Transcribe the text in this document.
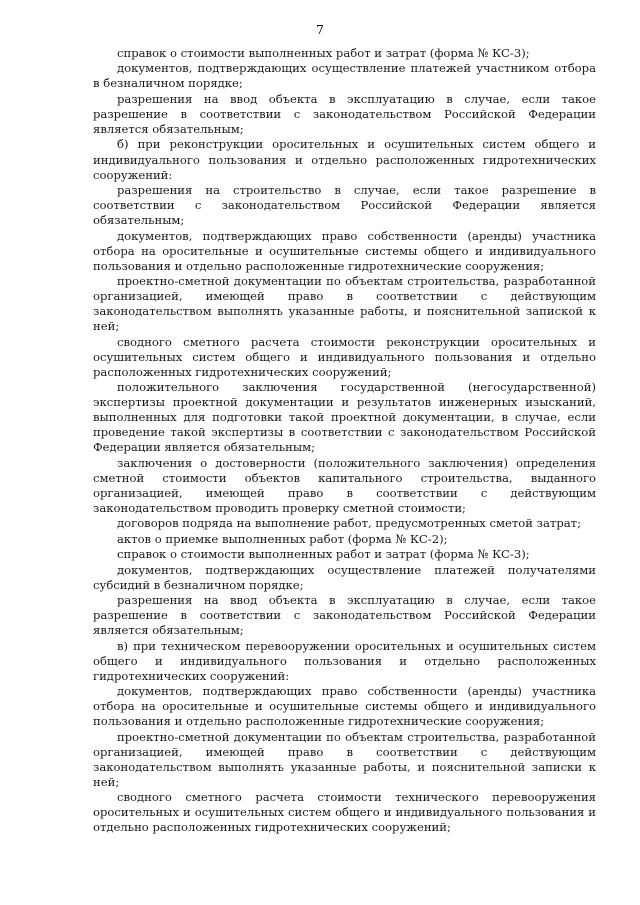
7

справок о стоимости выполненных работ и затрат (форма № КС-3);

документов, подтверждающих осуществление платежей участником отбора в безналичном порядке;

разрешения на ввод объекта в эксплуатацию в случае, если такое разрешение в соответствии с законодательством Российской Федерации является обязательным;

б) при реконструкции оросительных и осушительных систем общего и индивидуального пользования и отдельно расположенных гидротехнических сооружений:

разрешения на строительство в случае, если такое разрешение в соответствии с законодательством Российской Федерации является обязательным;

документов, подтверждающих право собственности (аренды) участника отбора на оросительные и осушительные системы общего и индивидуального пользования и отдельно расположенные гидротехнические сооружения;

проектно-сметной документации по объектам строительства, разработанной организацией, имеющей право в соответствии с действующим законодательством выполнять указанные работы, и пояснительной запиской к ней;

сводного сметного расчета стоимости реконструкции оросительных и осушительных систем общего и индивидуального пользования и отдельно расположенных гидротехнических сооружений;

положительного заключения государственной (негосударственной) экспертизы проектной документации и результатов инженерных изысканий, выполненных для подготовки такой проектной документации, в случае, если проведение такой экспертизы в соответствии с законодательством Российской Федерации является обязательным;

заключения о достоверности (положительного заключения) определения сметной стоимости объектов капитального строительства, выданного организацией, имеющей право в соответствии с действующим законодательством проводить проверку сметной стоимости;

договоров подряда на выполнение работ, предусмотренных сметой затрат;

актов о приемке выполненных работ (форма № КС-2);

справок о стоимости выполненных работ и затрат (форма № КС-3);

документов, подтверждающих осуществление платежей получателями субсидий в безналичном порядке;

разрешения на ввод объекта в эксплуатацию в случае, если такое разрешение в соответствии с законодательством Российской Федерации является обязательным;

в) при техническом перевооружении оросительных и осушительных систем общего и индивидуального пользования и отдельно расположенных гидротехнических сооружений:

документов, подтверждающих право собственности (аренды) участника отбора на оросительные и осушительные системы общего и индивидуального пользования и отдельно расположенные гидротехнические сооружения;

проектно-сметной документации по объектам строительства, разработанной организацией, имеющей право в соответствии с действующим законодательством выполнять указанные работы, и пояснительной записки к ней;

сводного сметного расчета стоимости технического перевооружения оросительных и осушительных систем общего и индивидуального пользования и отдельно расположенных гидротехнических сооружений;
